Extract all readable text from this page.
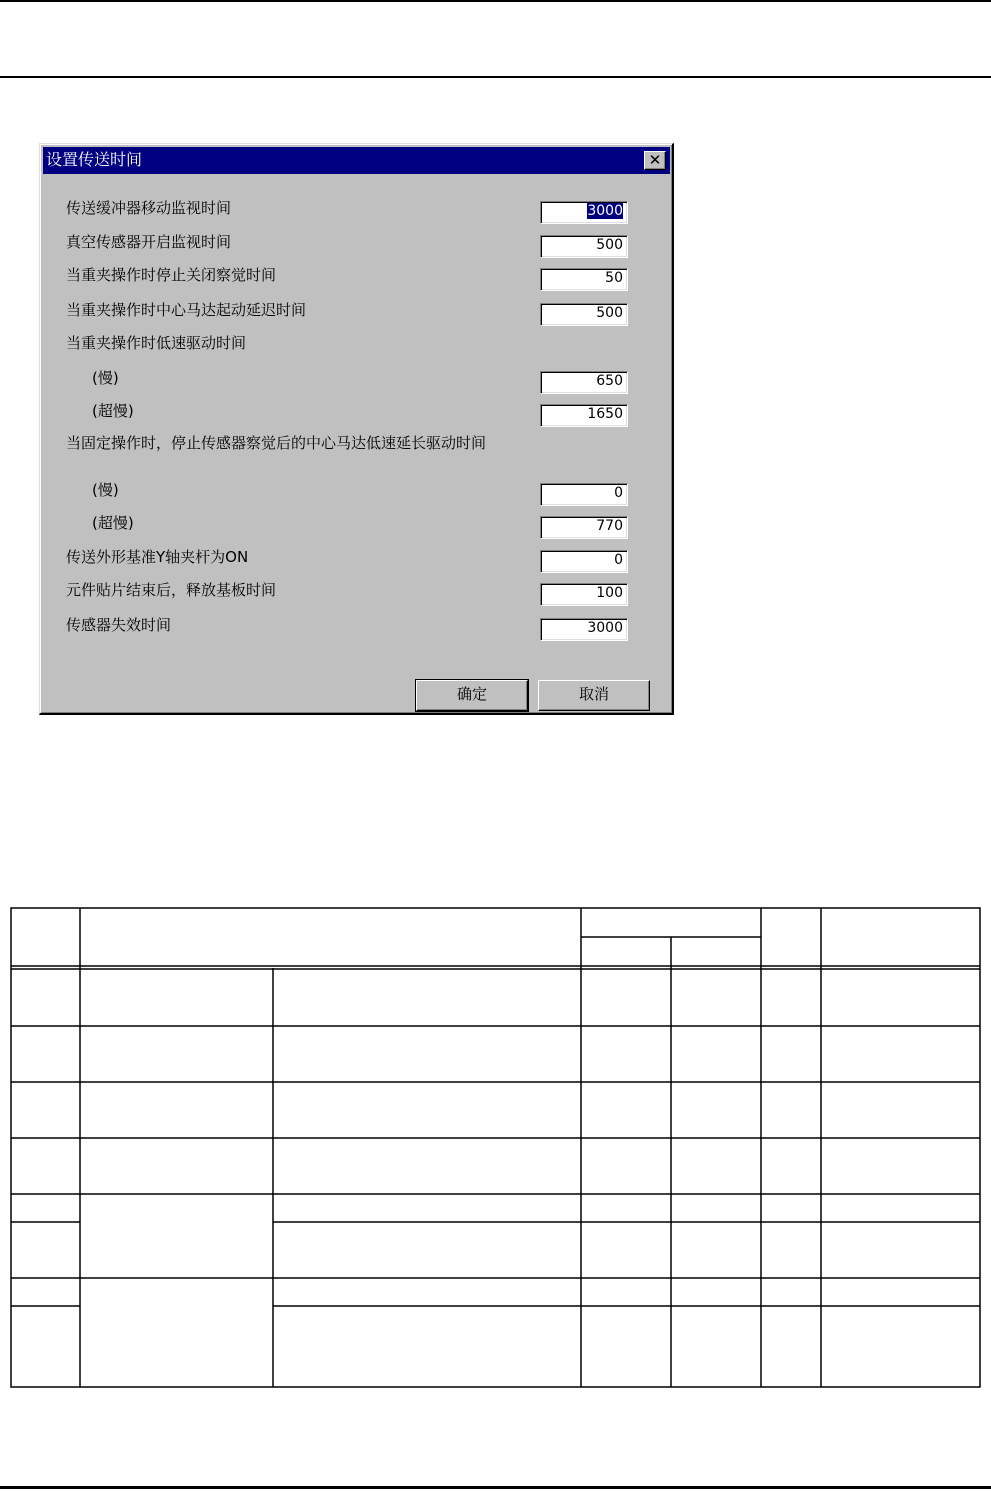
设置传送时间	✕
传送缓冲器移动监视时间	3000
真空传感器开启监视时间	500
当重夹操作时停止关闭察觉时间	50
当重夹操作时中心马达起动延迟时间	500
当重夹操作时低速驱动时间
(慢)	650
(超慢)	1650
当固定操作时，停止传感器察觉后的中心马达低速延长驱动时间
(慢)	0
(超慢)	770
传送外形基准Y轴夹杆为ON	0
元件贴片结束后，释放基板时间	100
传感器失效时间	3000
确定	取消
